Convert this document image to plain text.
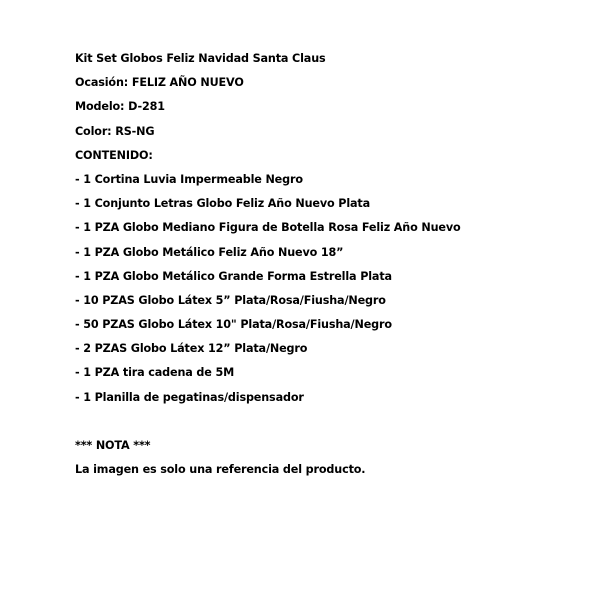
Kit Set Globos Feliz Navidad Santa Claus

Ocasión: FELIZ AÑO NUEVO

Modelo: D-281

Color: RS-NG

CONTENIDO:

- 1 Cortina Luvia Impermeable Negro
- 1 Conjunto Letras Globo Feliz Año Nuevo Plata
- 1 PZA Globo Mediano Figura de Botella Rosa Feliz Año Nuevo
- 1 PZA Globo Metálico Feliz Año Nuevo 18”
- 1 PZA Globo Metálico Grande Forma Estrella Plata
- 10 PZAS Globo Látex 5” Plata/Rosa/Fiusha/Negro
- 50 PZAS Globo Látex 10" Plata/Rosa/Fiusha/Negro
- 2 PZAS Globo Látex 12” Plata/Negro
- 1 PZA tira cadena de 5M
- 1 Planilla de pegatinas/dispensador

*** NOTA ***

La imagen es solo una referencia del producto.
